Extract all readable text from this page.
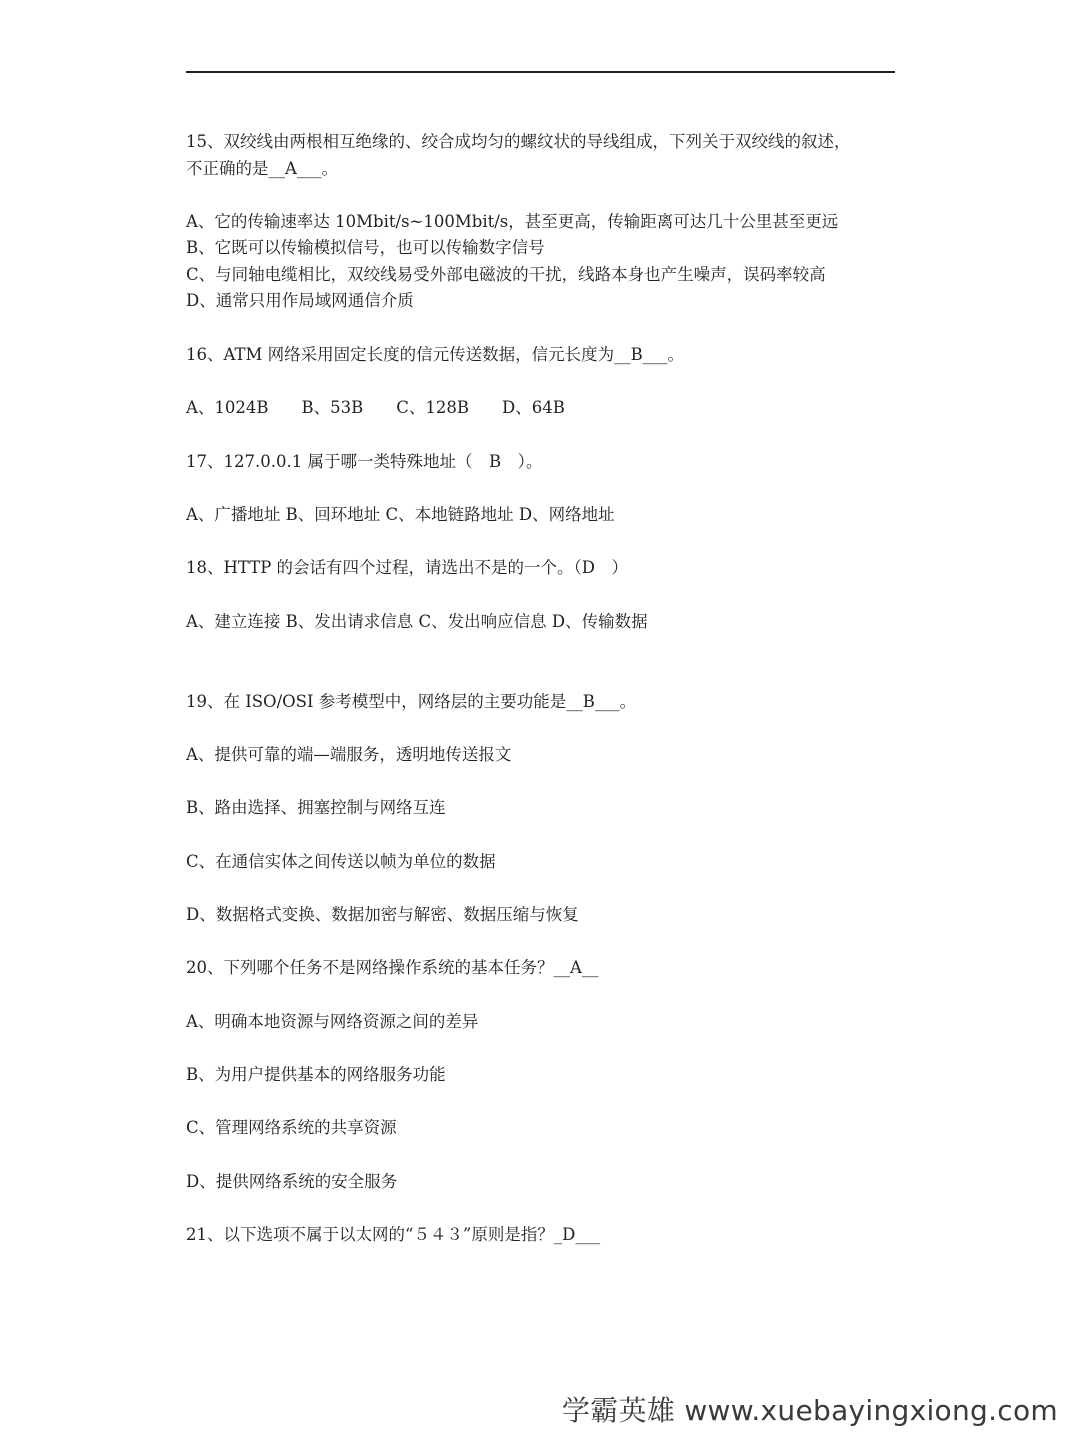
15、双绞线由两根相互绝缘的、绞合成均匀的螺纹状的导线组成，下列关于双绞线的叙述，
不正确的是__A___。
A、它的传输速率达 10Mbit/s~100Mbit/s，甚至更高，传输距离可达几十公里甚至更远
B、它既可以传输模拟信号，也可以传输数字信号
C、与同轴电缆相比，双绞线易受外部电磁波的干扰，线路本身也产生噪声，误码率较高
D、通常只用作局域网通信介质
16、ATM 网络采用固定长度的信元传送数据，信元长度为__B___。
A、1024B　　B、53B　　C、128B　　D、64B
17、127.0.0.1 属于哪一类特殊地址（　B　）。
A、广播地址 B、回环地址 C、本地链路地址 D、网络地址
18、HTTP 的会话有四个过程，请选出不是的一个。（D　）
A、建立连接 B、发出请求信息 C、发出响应信息 D、传输数据
19、在 ISO/OSI 参考模型中，网络层的主要功能是__B___。
A、提供可靠的端—端服务，透明地传送报文
B、路由选择、拥塞控制与网络互连
C、在通信实体之间传送以帧为单位的数据
D、数据格式变换、数据加密与解密、数据压缩与恢复
20、下列哪个任务不是网络操作系统的基本任务？__A__
A、明确本地资源与网络资源之间的差异
B、为用户提供基本的网络服务功能
C、管理网络系统的共享资源
D、提供网络系统的安全服务
21、以下选项不属于以太网的“５４３”原则是指？_D___
学霸英雄 www.xuebayingxiong.com
